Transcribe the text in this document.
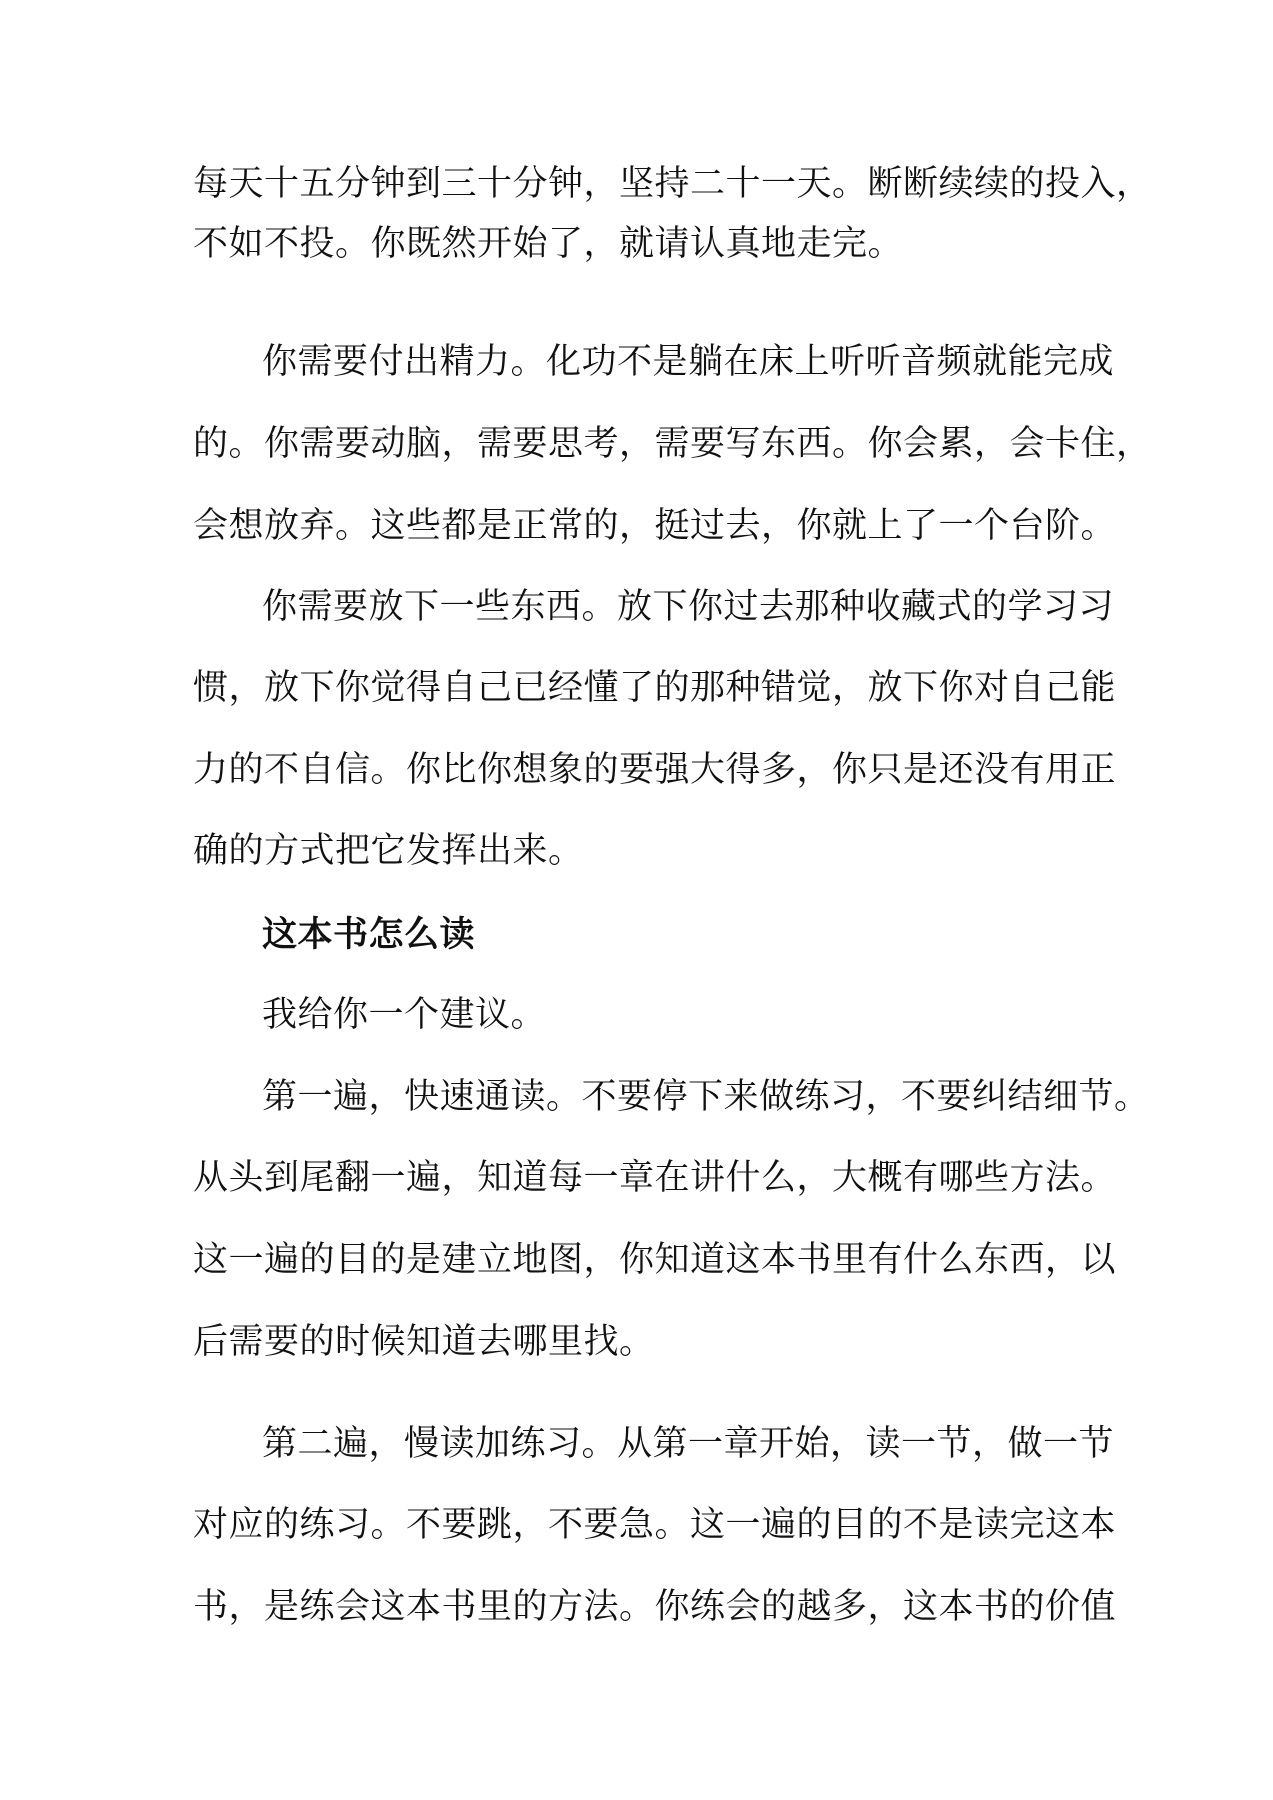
每天十五分钟到三十分钟，坚持二十一天。断断续续的投入，
不如不投。你既然开始了，就请认真地走完。
你需要付出精力。化功不是躺在床上听听音频就能完成
的。你需要动脑，需要思考，需要写东西。你会累，会卡住，
会想放弃。这些都是正常的，挺过去，你就上了一个台阶。
你需要放下一些东西。放下你过去那种收藏式的学习习
惯，放下你觉得自己已经懂了的那种错觉，放下你对自己能
力的不自信。你比你想象的要强大得多，你只是还没有用正
确的方式把它发挥出来。
这本书怎么读
我给你一个建议。
第一遍，快速通读。不要停下来做练习，不要纠结细节。
从头到尾翻一遍，知道每一章在讲什么，大概有哪些方法。
这一遍的目的是建立地图，你知道这本书里有什么东西，以
后需要的时候知道去哪里找。
第二遍，慢读加练习。从第一章开始，读一节，做一节
对应的练习。不要跳，不要急。这一遍的目的不是读完这本
书，是练会这本书里的方法。你练会的越多，这本书的价值
